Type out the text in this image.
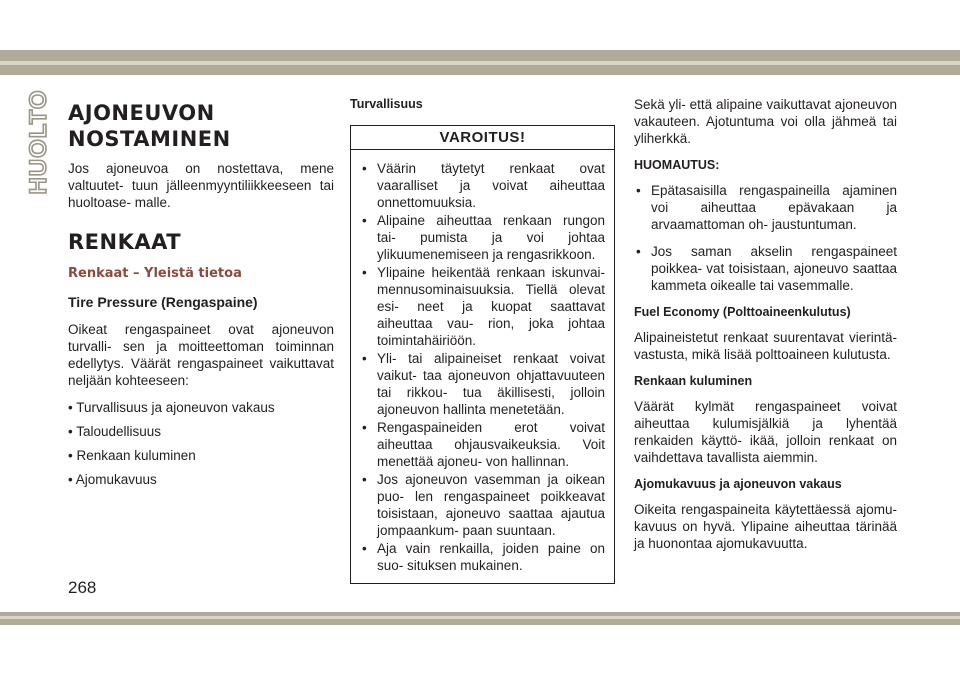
HUOLTO AJONEUVON
NOSTAMINEN

Jos ajoneuvoa on nostettava, mene valtuutet- tuun jälleenmyyntiliikkeeseen tai huoltoase- malle.

RENKAAT
Renkaat – Yleistä tietoa
Tire Pressure (Rengaspaine)

Oikeat rengaspaineet ovat ajoneuvon turvalli- sen ja moitteettoman toiminnan edellytys. Väärät rengaspaineet vaikuttavat neljään kohteeseen:

• Turvallisuus ja ajoneuvon vakaus

• Taloudellisuus

• Renkaan kuluminen

• Ajomukavuus

Turvallisuus
VAROITUS!
• Väärin täytetyt renkaat ovat vaaralliset ja voivat aiheuttaa onnettomuuksia.
• Alipaine aiheuttaa renkaan rungon tai- pumista ja voi johtaa ylikuumenemiseen ja rengasrikkoon.
• Ylipaine heikentää renkaan iskunvai- mennusominaisuuksia. Tiellä olevat esi- neet ja kuopat saattavat aiheuttaa vau- rion, joka johtaa toimintahäiriöön.
• Yli- tai alipaineiset renkaat voivat vaikut- taa ajoneuvon ohjattavuuteen tai rikkou- tua äkillisesti, jolloin ajoneuvon hallinta menetetään.
• Rengaspaineiden erot voivat aiheuttaa ohjausvaikeuksia. Voit menettää ajoneu- von hallinnan.
• Jos ajoneuvon vasemman ja oikean puo- len rengaspaineet poikkeavat toisistaan, ajoneuvo saattaa ajautua jompaankum- paan suuntaan.
• Aja vain renkailla, joiden paine on suo- situksen mukainen.

Sekä yli- että alipaine vaikuttavat ajoneuvon vakauteen. Ajotuntuma voi olla jähmeä tai yliherkkä.

HUOMAUTUS:
• Epätasaisilla rengaspaineilla ajaminen voi aiheuttaa epävakaan ja arvaamattoman oh- jaustuntuman.
• Jos saman akselin rengaspaineet poikkea- vat toisistaan, ajoneuvo saattaa kammeta oikealle tai vasemmalle.
Fuel Economy (Polttoaineenkulutus)

Alipaineistetut renkaat suurentavat vierintä- vastusta, mikä lisää polttoaineen kulutusta.

Renkaan kuluminen

Väärät kylmät rengaspaineet voivat aiheuttaa kulumisjälkiä ja lyhentää renkaiden käyttö- ikää, jolloin renkaat on vaihdettava tavallista aiemmin.

Ajomukavuus ja ajoneuvon vakaus

Oikeita rengaspaineita käytettäessä ajomu- kavuus on hyvä. Ylipaine aiheuttaa tärinää ja huonontaa ajomukavuutta.

268
